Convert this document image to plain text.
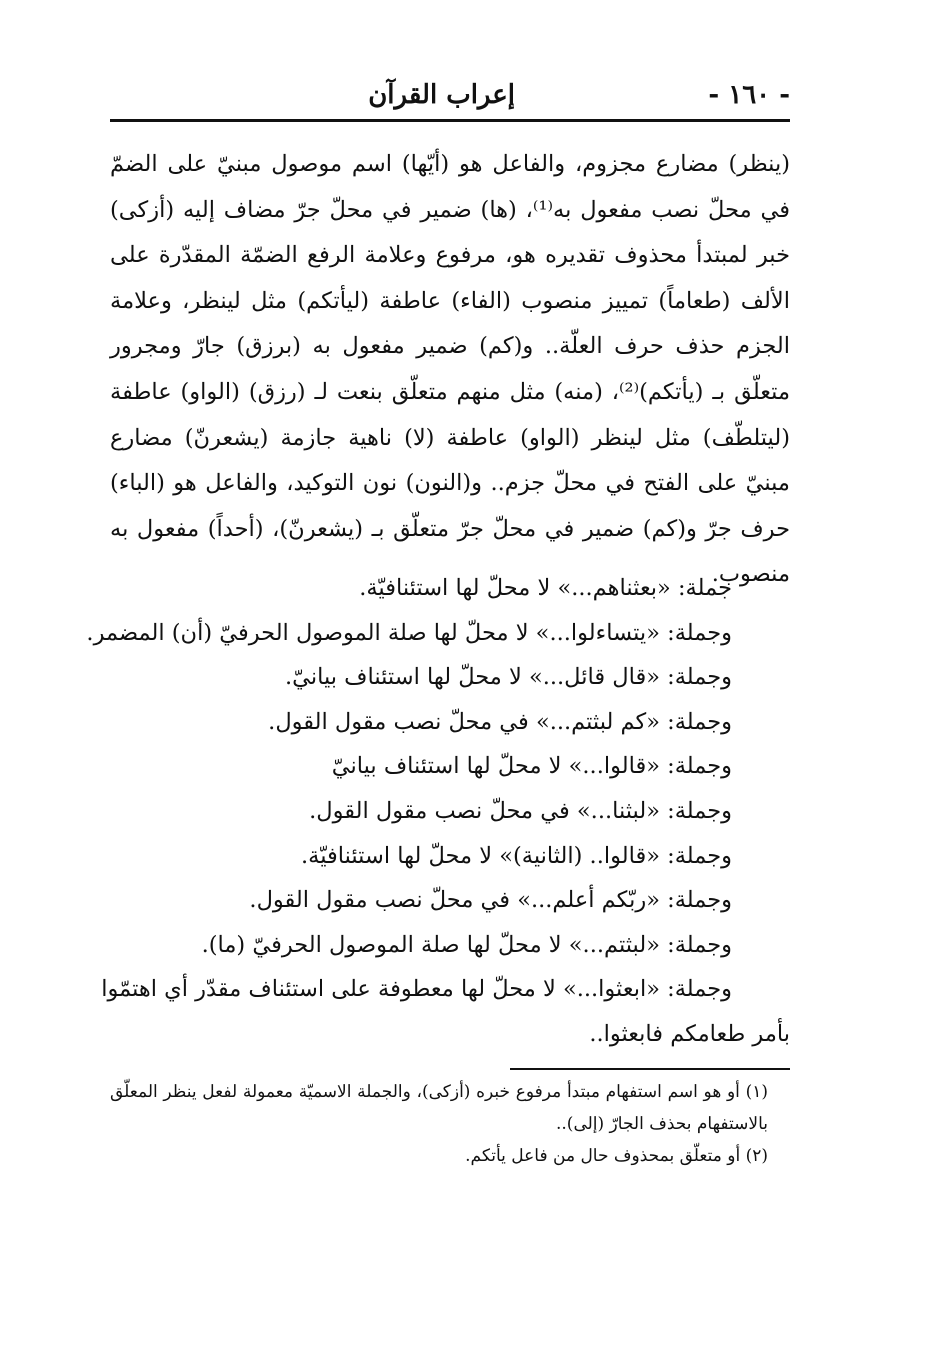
- ١٦٠ -
إعراب القرآن

(ينظر) مضارع مجزوم، والفاعل هو (أيّها) اسم موصول مبنيّ على الضمّ في محلّ نصب مفعول به⁽¹⁾، (ها) ضمير في محلّ جرّ مضاف إليه (أزكى) خبر لمبتدأ محذوف تقديره هو، مرفوع وعلامة الرفع الضمّة المقدّرة على الألف (طعاماً) تمييز منصوب (الفاء) عاطفة (ليأتكم) مثل لينظر، وعلامة الجزم حذف حرف العلّة.. و(كم) ضمير مفعول به (برزق) جارّ ومجرور متعلّق بـ (يأتكم)⁽²⁾، (منه) مثل منهم متعلّق بنعت لـ (رزق) (الواو) عاطفة (ليتلطّف) مثل لينظر (الواو) عاطفة (لا) ناهية جازمة (يشعرنّ) مضارع مبنيّ على الفتح في محلّ جزم.. و(النون) نون التوكيد، والفاعل هو (الباء) حرف جرّ و(كم) ضمير في محلّ جرّ متعلّق بـ (يشعرنّ)، (أحداً) مفعول به منصوب.

جملة: «بعثناهم...» لا محلّ لها استئنافيّة.

وجملة: «يتساءلوا...» لا محلّ لها صلة الموصول الحرفيّ (أن) المضمر.

وجملة: «قال قائل...» لا محلّ لها استئناف بيانيّ.

وجملة: «كم لبثتم...» في محلّ نصب مقول القول.

وجملة: «قالوا...» لا محلّ لها استئناف بيانيّ

وجملة: «لبثنا...» في محلّ نصب مقول القول.

وجملة: «قالوا.. (الثانية)» لا محلّ لها استئنافيّة.

وجملة: «ربّكم أعلم...» في محلّ نصب مقول القول.

وجملة: «لبثتم...» لا محلّ لها صلة الموصول الحرفيّ (ما).

وجملة: «ابعثوا...» لا محلّ لها معطوفة على استئناف مقدّر أي اهتمّوا

بأمر طعامكم فابعثوا..

(١) أو هو اسم استفهام مبتدأ مرفوع خبره (أزكى)، والجملة الاسميّة معمولة لفعل ينظر المعلّق بالاستفهام بحذف الجارّ (إلى)..

(٢) أو متعلّق بمحذوف حال من فاعل يأتكم.
